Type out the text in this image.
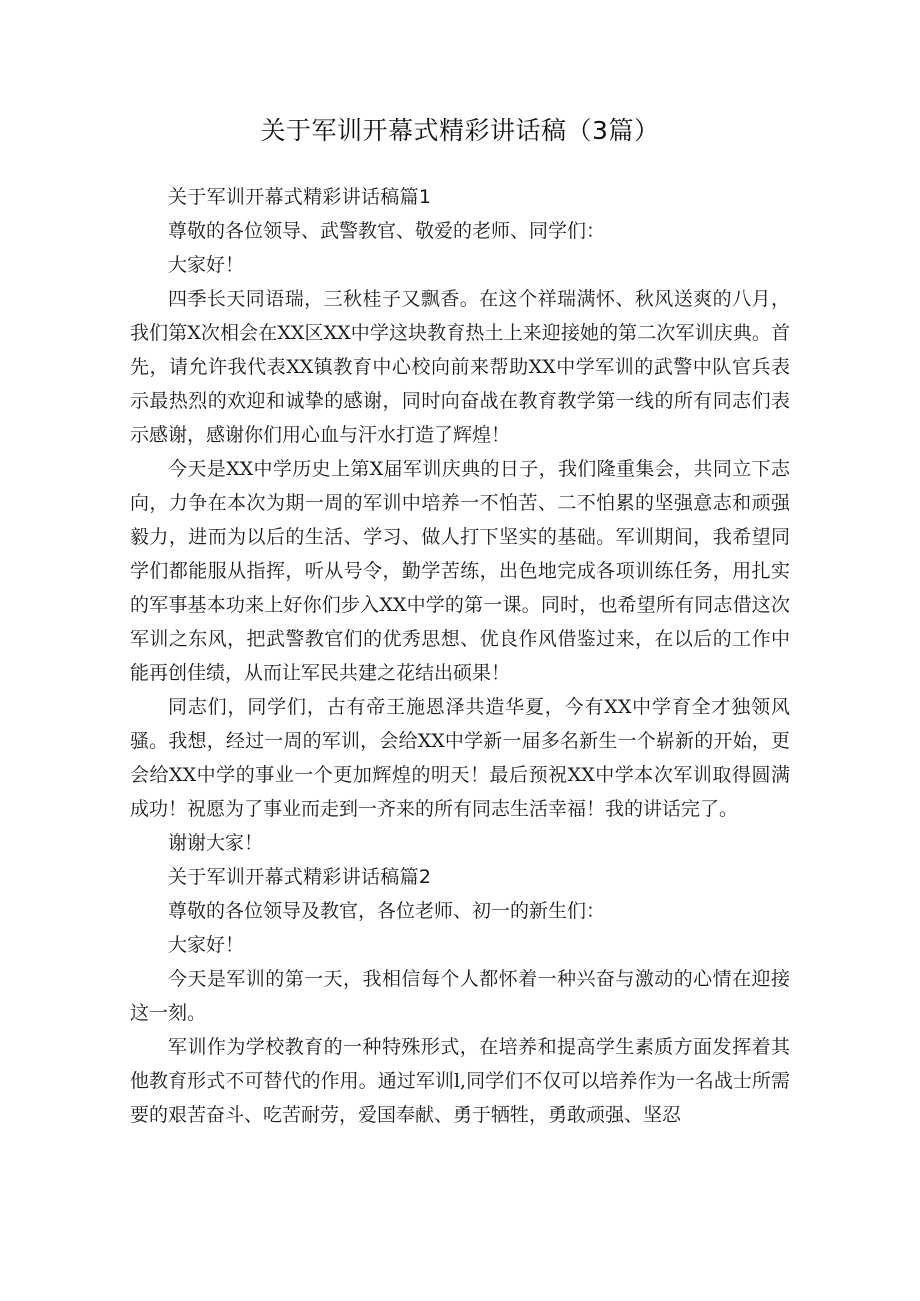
关于军训开幕式精彩讲话稿（3篇）

关于军训开幕式精彩讲话稿篇1

尊敬的各位领导、武警教官、敬爱的老师、同学们：

大家好！

四季长天同语瑞，三秋桂子又飘香。在这个祥瑞满怀、秋风送爽的八月，我们第X次相会在XX区XX中学这块教育热土上来迎接她的第二次军训庆典。首先，请允许我代表XX镇教育中心校向前来帮助XX中学军训的武警中队官兵表示最热烈的欢迎和诚挚的感谢，同时向奋战在教育教学第一线的所有同志们表示感谢，感谢你们用心血与汗水打造了辉煌！

今天是XX中学历史上第X届军训庆典的日子，我们隆重集会，共同立下志向，力争在本次为期一周的军训中培养一不怕苦、二不怕累的坚强意志和顽强毅力，进而为以后的生活、学习、做人打下坚实的基础。军训期间，我希望同学们都能服从指挥，听从号令，勤学苦练，出色地完成各项训练任务，用扎实的军事基本功来上好你们步入XX中学的第一课。同时，也希望所有同志借这次军训之东风，把武警教官们的优秀思想、优良作风借鉴过来，在以后的工作中能再创佳绩，从而让军民共建之花结出硕果！

同志们，同学们，古有帝王施恩泽共造华夏，今有XX中学育全才独领风骚。我想，经过一周的军训，会给XX中学新一届多名新生一个崭新的开始，更会给XX中学的事业一个更加辉煌的明天！最后预祝XX中学本次军训取得圆满成功！祝愿为了事业而走到一齐来的所有同志生活幸福！我的讲话完了。

谢谢大家！

关于军训开幕式精彩讲话稿篇2

尊敬的各位领导及教官，各位老师、初一的新生们：

大家好！

今天是军训的第一天，我相信每个人都怀着一种兴奋与激动的心情在迎接这一刻。

军训作为学校教育的一种特殊形式，在培养和提高学生素质方面发挥着其他教育形式不可替代的作用。通过军训l,同学们不仅可以培养作为一名战士所需要的艰苦奋斗、吃苦耐劳，爱国奉献、勇于牺牲，勇敢顽强、坚忍
